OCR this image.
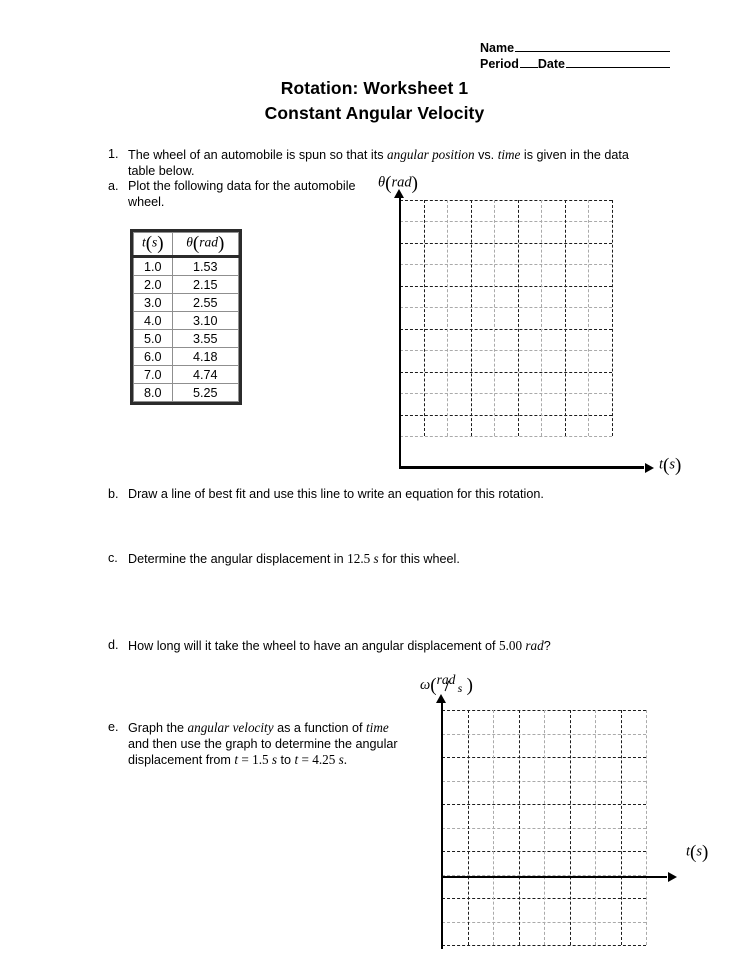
Name
Period Date
Rotation: Worksheet 1
Constant Angular Velocity
1. The wheel of an automobile is spun so that its angular position vs. time is given in the data table below.
a. Plot the following data for the automobile wheel.
t(s)	θ(rad)
1.0	1.53
2.0	2.15
3.0	2.55
4.0	3.10
5.0	3.55
6.0	4.18
7.0	4.74
8.0	5.25
θ(rad)
t(s)
b. Draw a line of best fit and use this line to write an equation for this rotation.
c. Determine the angular displacement in 12.5 s for this wheel.
d. How long will it take the wheel to have an angular displacement of 5.00 rad?
e. Graph the angular velocity as a function of time and then use the graph to determine the angular displacement from t = 1.5 s to t = 4.25 s.
ω( rad
s )
t(s)
